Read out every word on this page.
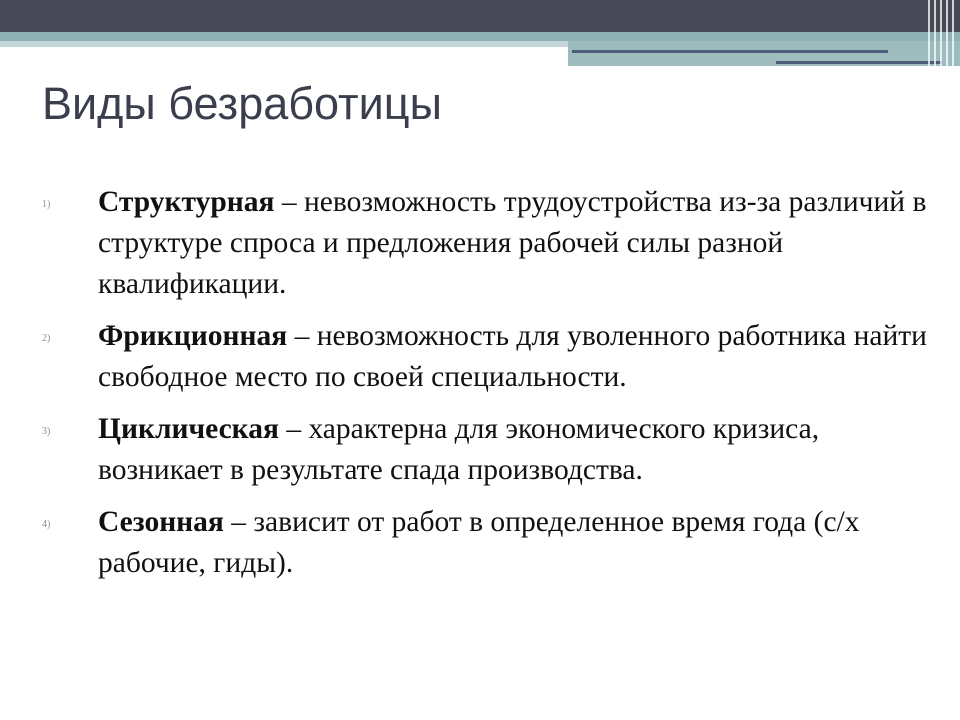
Виды безработицы
1) Структурная – невозможность трудоустройства из-за различий в структуре спроса и предложения рабочей силы разной квалификации.
2) Фрикционная – невозможность для уволенного работника найти свободное место по своей специальности.
3) Циклическая – характерна для экономического кризиса, возникает в результате спада производства.
4) Сезонная – зависит от работ в определенное время года (с/х рабочие, гиды).
